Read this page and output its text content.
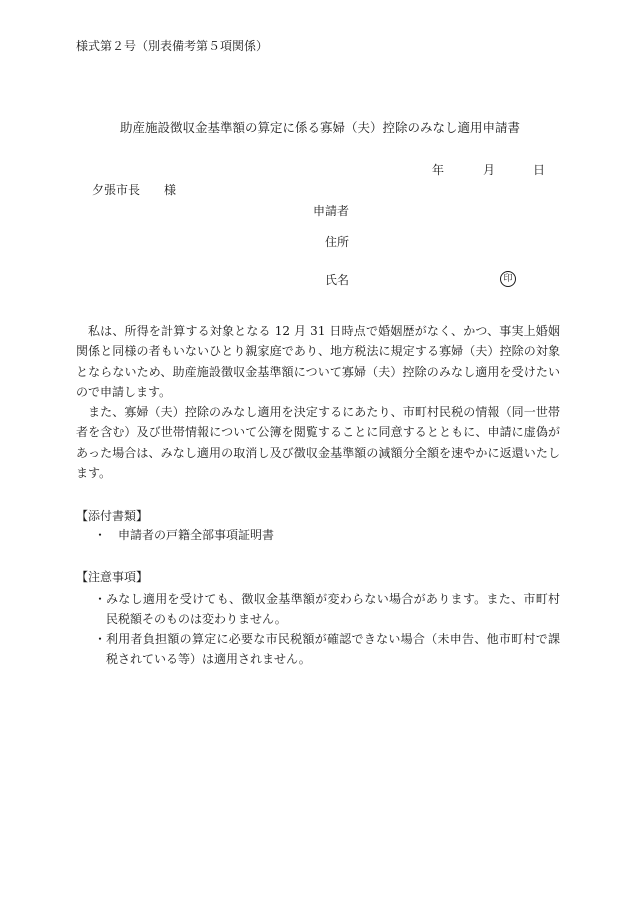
様式第２号（別表備考第５項関係）
助産施設徴収金基準額の算定に係る寡婦（夫）控除のみなし適用申請書
年	月	日
夕張市長　　様
申請者
住所
氏名	印

私は、所得を計算する対象となる 12 月 31 日時点で婚姻歴がなく、かつ、事実上婚姻関係と同様の者もいないひとり親家庭であり、地方税法に規定する寡婦（夫）控除の対象とならないため、助産施設徴収金基準額について寡婦（夫）控除のみなし適用を受けたいので申請します。

また、寡婦（夫）控除のみなし適用を決定するにあたり、市町村民税の情報（同一世帯者を含む）及び世帯情報について公簿を閲覧することに同意するとともに、申請に虚偽があった場合は、みなし適用の取消し及び徴収金基準額の減額分全額を速やかに返還いたします。

【添付書類】
・ 申請者の戸籍全部事項証明書
【注意事項】
・ みなし適用を受けても、徴収金基準額が変わらない場合があります。また、市町村民税額そのものは変わりません。
・ 利用者負担額の算定に必要な市民税額が確認できない場合（未申告、他市町村で課税されている等）は適用されません。
